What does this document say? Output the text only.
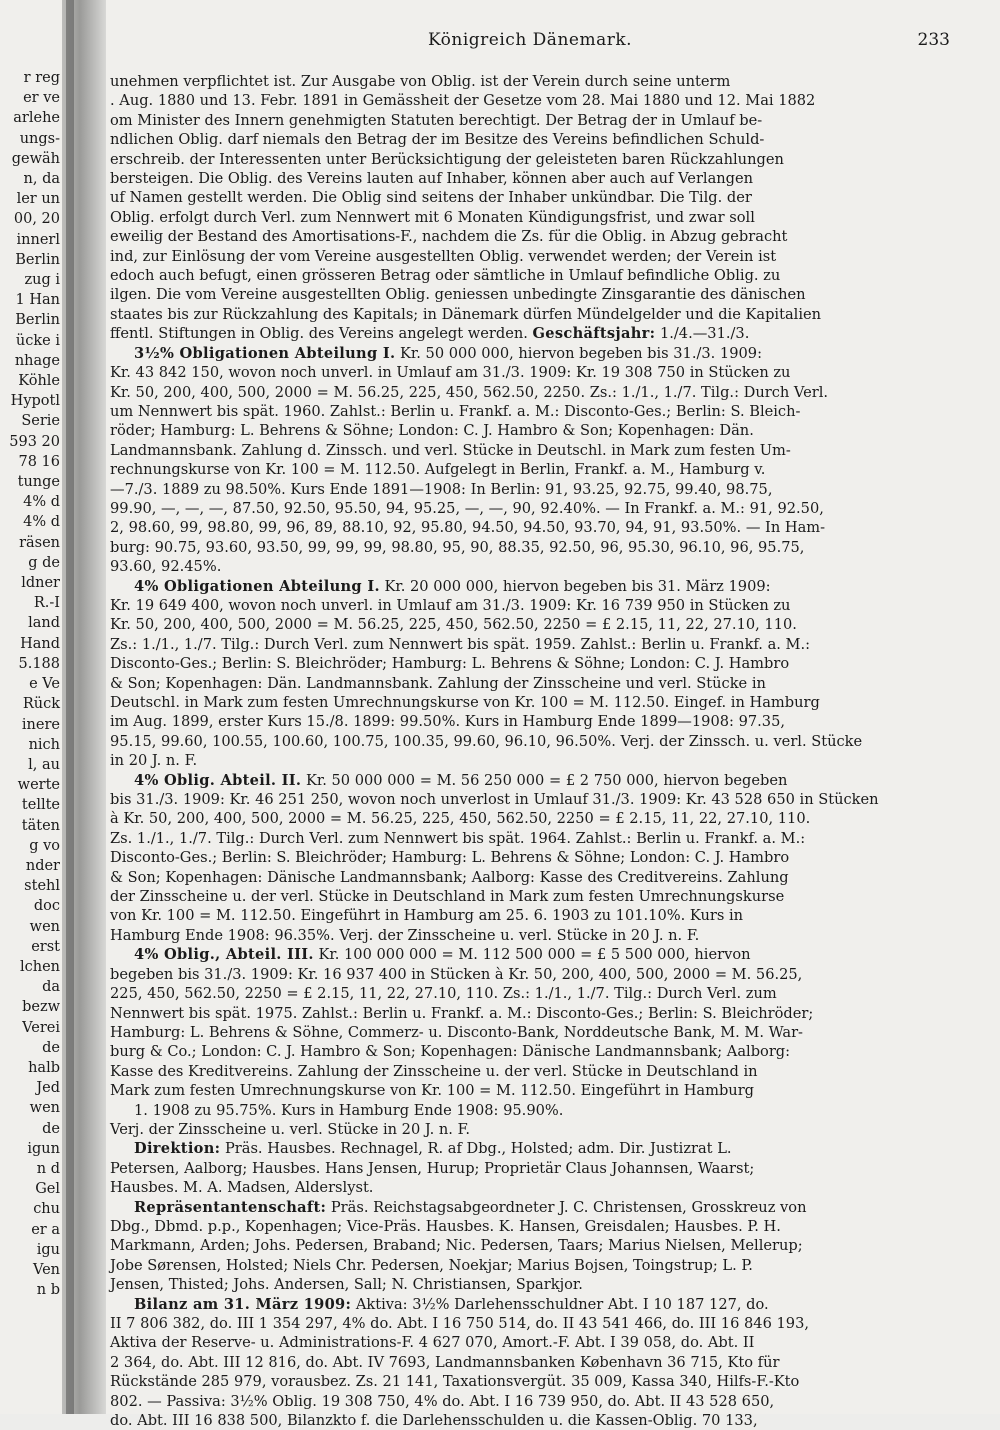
r reg
er ve
arlehe
ungs-
gewäh
n, da
ler un
00, 20
innerl
Berlin
zug i
1 Han
Berlin
ücke i
nhage
Köhle
Hypotl
Serie
593 20
78 16
tunge
4% d
4% d
räsen
g de
ldner
R.-I
land
Hand
5.188
e Ve
Rück
inere
nich
l, au
werte
tellte
täten
g vo
nder
stehl
doc
wen
erst
lchen
da
bezw
Verei
de
halb
Jed
wen
de
igun
n d
Gel
chu
er a
igu
Ven
n b
Königreich Dänemark.	233

unehmen verpflichtet ist. Zur Ausgabe von Oblig. ist der Verein durch seine unterm

. Aug. 1880 und 13. Febr. 1891 in Gemässheit der Gesetze vom 28. Mai 1880 und 12. Mai 1882

om Minister des Innern genehmigten Statuten berechtigt. Der Betrag der in Umlauf be-

ndlichen Oblig. darf niemals den Betrag der im Besitze des Vereins befindlichen Schuld-

erschreib. der Interessenten unter Berücksichtigung der geleisteten baren Rückzahlungen

bersteigen. Die Oblig. des Vereins lauten auf Inhaber, können aber auch auf Verlangen

uf Namen gestellt werden. Die Oblig sind seitens der Inhaber unkündbar. Die Tilg. der

Oblig. erfolgt durch Verl. zum Nennwert mit 6 Monaten Kündigungsfrist, und zwar soll

eweilig der Bestand des Amortisations-F., nachdem die Zs. für die Oblig. in Abzug gebracht

ind, zur Einlösung der vom Vereine ausgestellten Oblig. verwendet werden; der Verein ist

edoch auch befugt, einen grösseren Betrag oder sämtliche in Umlauf befindliche Oblig. zu

ilgen. Die vom Vereine ausgestellten Oblig. geniessen unbedingte Zinsgarantie des dänischen

staates bis zur Rückzahlung des Kapitals; in Dänemark dürfen Mündelgelder und die Kapitalien

ffentl. Stiftungen in Oblig. des Vereins angelegt werden. Geschäftsjahr: 1./4.—31./3.

3½% Obligationen Abteilung I. Kr. 50 000 000, hiervon begeben bis 31./3. 1909:

Kr. 43 842 150, wovon noch unverl. in Umlauf am 31./3. 1909: Kr. 19 308 750 in Stücken zu

Kr. 50, 200, 400, 500, 2000 = M. 56.25, 225, 450, 562.50, 2250. Zs.: 1./1., 1./7. Tilg.: Durch Verl.

um Nennwert bis spät. 1960. Zahlst.: Berlin u. Frankf. a. M.: Disconto-Ges.; Berlin: S. Bleich-

röder; Hamburg: L. Behrens & Söhne; London: C. J. Hambro & Son; Kopenhagen: Dän.

Landmannsbank. Zahlung d. Zinssch. und verl. Stücke in Deutschl. in Mark zum festen Um-

rechnungskurse von Kr. 100 = M. 112.50. Aufgelegt in Berlin, Frankf. a. M., Hamburg v.

—7./3. 1889 zu 98.50%. Kurs Ende 1891—1908: In Berlin: 91, 93.25, 92.75, 99.40, 98.75,

99.90, —, —, —, 87.50, 92.50, 95.50, 94, 95.25, —, —, 90, 92.40%. — In Frankf. a. M.: 91, 92.50,

2, 98.60, 99, 98.80, 99, 96, 89, 88.10, 92, 95.80, 94.50, 94.50, 93.70, 94, 91, 93.50%. — In Ham-

burg: 90.75, 93.60, 93.50, 99, 99, 99, 98.80, 95, 90, 88.35, 92.50, 96, 95.30, 96.10, 96, 95.75,

93.60, 92.45%.

4% Obligationen Abteilung I. Kr. 20 000 000, hiervon begeben bis 31. März 1909:

Kr. 19 649 400, wovon noch unverl. in Umlauf am 31./3. 1909: Kr. 16 739 950 in Stücken zu

Kr. 50, 200, 400, 500, 2000 = M. 56.25, 225, 450, 562.50, 2250 = £ 2.15, 11, 22, 27.10, 110.

Zs.: 1./1., 1./7. Tilg.: Durch Verl. zum Nennwert bis spät. 1959. Zahlst.: Berlin u. Frankf. a. M.:

Disconto-Ges.; Berlin: S. Bleichröder; Hamburg: L. Behrens & Söhne; London: C. J. Hambro

& Son; Kopenhagen: Dän. Landmannsbank. Zahlung der Zinsscheine und verl. Stücke in

Deutschl. in Mark zum festen Umrechnungskurse von Kr. 100 = M. 112.50. Eingef. in Hamburg

im Aug. 1899, erster Kurs 15./8. 1899: 99.50%. Kurs in Hamburg Ende 1899—1908: 97.35,

95.15, 99.60, 100.55, 100.60, 100.75, 100.35, 99.60, 96.10, 96.50%. Verj. der Zinssch. u. verl. Stücke

in 20 J. n. F.

4% Oblig. Abteil. II. Kr. 50 000 000 = M. 56 250 000 = £ 2 750 000, hiervon begeben

bis 31./3. 1909: Kr. 46 251 250, wovon noch unverlost in Umlauf 31./3. 1909: Kr. 43 528 650 in Stücken

à Kr. 50, 200, 400, 500, 2000 = M. 56.25, 225, 450, 562.50, 2250 = £ 2.15, 11, 22, 27.10, 110.

Zs. 1./1., 1./7. Tilg.: Durch Verl. zum Nennwert bis spät. 1964. Zahlst.: Berlin u. Frankf. a. M.:

Disconto-Ges.; Berlin: S. Bleichröder; Hamburg: L. Behrens & Söhne; London: C. J. Hambro

& Son; Kopenhagen: Dänische Landmannsbank; Aalborg: Kasse des Creditvereins. Zahlung

der Zinsscheine u. der verl. Stücke in Deutschland in Mark zum festen Umrechnungskurse

von Kr. 100 = M. 112.50. Eingeführt in Hamburg am 25. 6. 1903 zu 101.10%. Kurs in

Hamburg Ende 1908: 96.35%. Verj. der Zinsscheine u. verl. Stücke in 20 J. n. F.

4% Oblig., Abteil. III. Kr. 100 000 000 = M. 112 500 000 = £ 5 500 000, hiervon

begeben bis 31./3. 1909: Kr. 16 937 400 in Stücken à Kr. 50, 200, 400, 500, 2000 = M. 56.25,

225, 450, 562.50, 2250 = £ 2.15, 11, 22, 27.10, 110. Zs.: 1./1., 1./7. Tilg.: Durch Verl. zum

Nennwert bis spät. 1975. Zahlst.: Berlin u. Frankf. a. M.: Disconto-Ges.; Berlin: S. Bleichröder;

Hamburg: L. Behrens & Söhne, Commerz- u. Disconto-Bank, Norddeutsche Bank, M. M. War-

burg & Co.; London: C. J. Hambro & Son; Kopenhagen: Dänische Landmannsbank; Aalborg:

Kasse des Kreditvereins. Zahlung der Zinsscheine u. der verl. Stücke in Deutschland in

Mark zum festen Umrechnungskurse von Kr. 100 = M. 112.50. Eingeführt in Hamburg

1. 1908 zu 95.75%. Kurs in Hamburg Ende 1908: 95.90%.

Verj. der Zinsscheine u. verl. Stücke in 20 J. n. F.

Direktion: Präs. Hausbes. Rechnagel, R. af Dbg., Holsted; adm. Dir. Justizrat L.

Petersen, Aalborg; Hausbes. Hans Jensen, Hurup; Proprietär Claus Johannsen, Waarst;

Hausbes. M. A. Madsen, Alderslyst.

Repräsentantenschaft: Präs. Reichstagsabgeordneter J. C. Christensen, Grosskreuz von

Dbg., Dbmd. p.p., Kopenhagen; Vice-Präs. Hausbes. K. Hansen, Greisdalen; Hausbes. P. H.

Markmann, Arden; Johs. Pedersen, Braband; Nic. Pedersen, Taars; Marius Nielsen, Mellerup;

Jobe Sørensen, Holsted; Niels Chr. Pedersen, Noekjar; Marius Bojsen, Toingstrup; L. P.

Jensen, Thisted; Johs. Andersen, Sall; N. Christiansen, Sparkjor.

Bilanz am 31. März 1909: Aktiva: 3½% Darlehensschuldner Abt. I 10 187 127, do.

II 7 806 382, do. III 1 354 297, 4% do. Abt. I 16 750 514, do. II 43 541 466, do. III 16 846 193,

Aktiva der Reserve- u. Administrations-F. 4 627 070, Amort.-F. Abt. I 39 058, do. Abt. II

2 364, do. Abt. III 12 816, do. Abt. IV 7693, Landmannsbanken København 36 715, Kto für

Rückstände 285 979, vorausbez. Zs. 21 141, Taxationsvergüt. 35 009, Kassa 340, Hilfs-F.-Kto

802. — Passiva: 3½% Oblig. 19 308 750, 4% do. Abt. I 16 739 950, do. Abt. II 43 528 650,

do. Abt. III 16 838 500, Bilanzkto f. die Darlehensschulden u. die Kassen-Oblig. 70 133,
